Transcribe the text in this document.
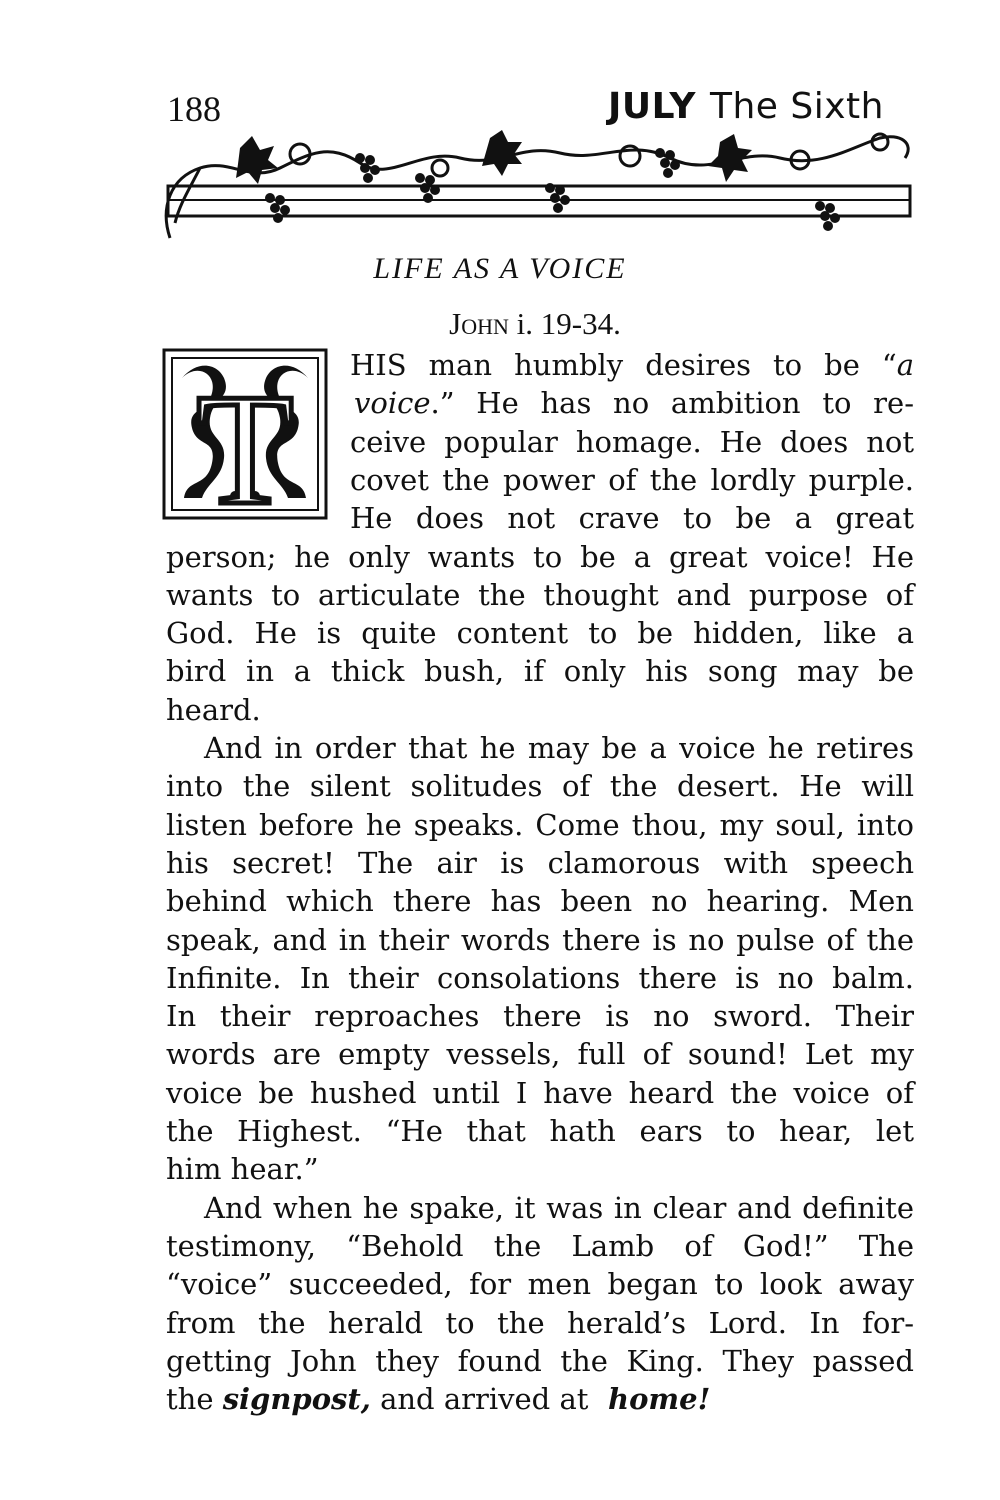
188	JULY The Sixth
LIFE AS A VOICE
John i. 19-34.
T HIS man humbly desires to be “a
voice.” He has no ambition to re-
ceive popular homage. He does not
covet the power of the lordly purple.
He does not crave to be a great
person; he only wants to be a great voice! He
wants to articulate the thought and purpose of
God. He is quite content to be hidden, like a
bird in a thick bush, if only his song may be
heard.
And in order that he may be a voice he retires
into the silent solitudes of the desert. He will
listen before he speaks. Come thou, my soul, into
his secret! The air is clamorous with speech
behind which there has been no hearing. Men
speak, and in their words there is no pulse of the
Infinite. In their consolations there is no balm.
In their reproaches there is no sword. Their
words are empty vessels, full of sound! Let my
voice be hushed until I have heard the voice of
the Highest. “He that hath ears to hear, let
him hear.”
And when he spake, it was in clear and definite
testimony, “Behold the Lamb of God!” The
“voice” succeeded, for men began to look away
from the herald to the herald’s Lord. In for-
getting John they found the King. They passed
the signpost, and arrived at home!
